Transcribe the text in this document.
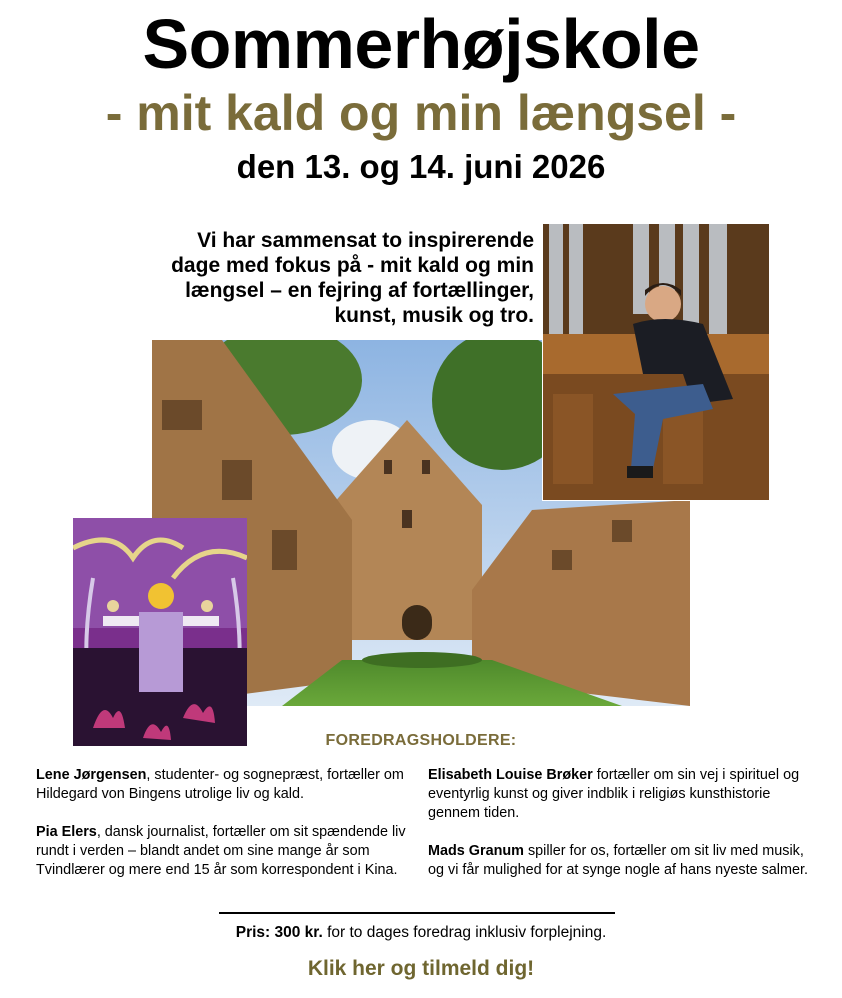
Sommerhøjskole
- mit kald og min længsel -
den 13. og 14. juni 2026
Vi har sammensat to inspirerende
dage med fokus på - mit kald og min
længsel – en fejring af fortællinger,
kunst, musik og tro.
FOREDRAGSHOLDERE:

Lene Jørgensen, studenter- og sognepræst, fortæller om Hildegard von Bingens utrolige liv og kald.

Pia Elers, dansk journalist, fortæller om sit spændende liv rundt i verden – blandt andet om sine mange år som Tvindlærer og mere end 15 år som korrespondent i Kina.

Elisabeth Louise Brøker fortæller om sin vej i spirituel og eventyrlig kunst og giver indblik i religiøs kunsthistorie gennem tiden.

Mads Granum spiller for os, fortæller om sit liv med musik, og vi får mulighed for at synge nogle af hans nyeste salmer.

Pris: 300 kr. for to dages foredrag inklusiv forplejning.
Klik her og tilmeld dig!
